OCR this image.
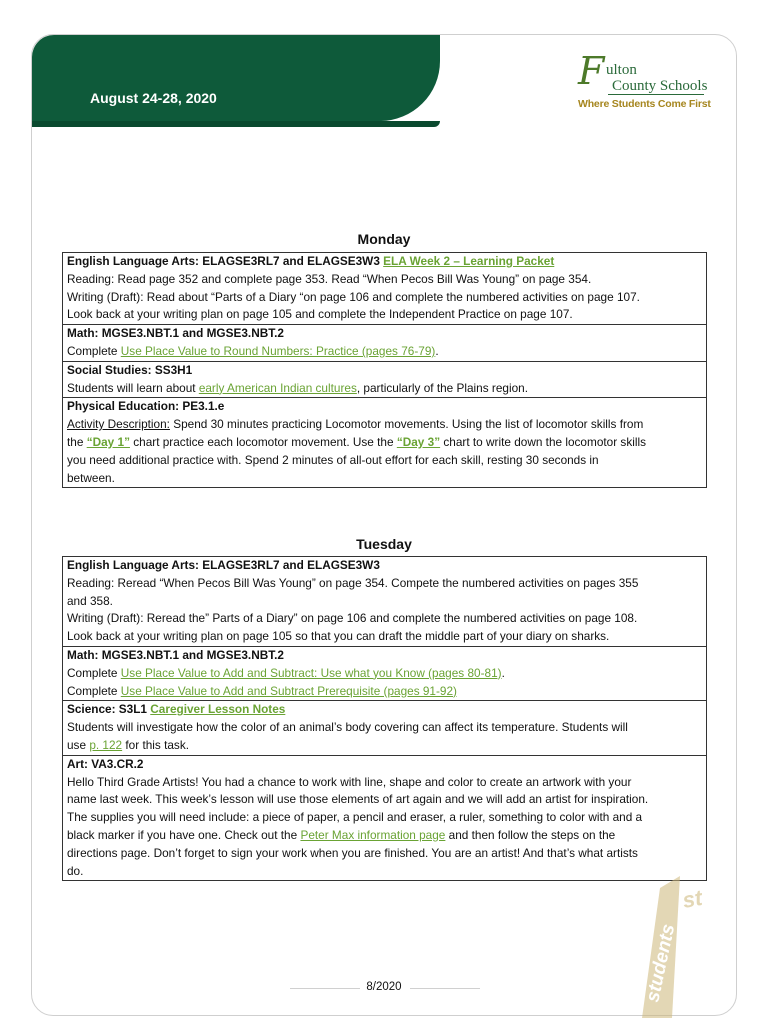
August 24-28, 2020
F ulton
County Schools
Where Students Come First
Monday
English Language Arts: ELAGSE3RL7 and ELAGSE3W3 ELA Week 2 – Learning Packet
Reading: Read page 352 and complete page 353. Read “When Pecos Bill Was Young” on page 354.
Writing (Draft): Read about “Parts of a Diary “on page 106 and complete the numbered activities on page 107.
Look back at your writing plan on page 105 and complete the Independent Practice on page 107.

Math: MGSE3.NBT.1 and MGSE3.NBT.2
Complete Use Place Value to Round Numbers: Practice (pages 76-79).

Social Studies: SS3H1
Students will learn about early American Indian cultures, particularly of the Plains region.

Physical Education: PE3.1.e
Activity Description: Spend 30 minutes practicing Locomotor movements. Using the list of locomotor skills from
the “Day 1” chart practice each locomotor movement. Use the “Day 3” chart to write down the locomotor skills
you need additional practice with. Spend 2 minutes of all-out effort for each skill, resting 30 seconds in
between.
Tuesday
English Language Arts: ELAGSE3RL7 and ELAGSE3W3
Reading: Reread “When Pecos Bill Was Young” on page 354. Compete the numbered activities on pages 355
and 358.
Writing (Draft): Reread the” Parts of a Diary” on page 106 and complete the numbered activities on page 108.
Look back at your writing plan on page 105 so that you can draft the middle part of your diary on sharks.

Math: MGSE3.NBT.1 and MGSE3.NBT.2
Complete Use Place Value to Add and Subtract: Use what you Know (pages 80-81).
Complete Use Place Value to Add and Subtract Prerequisite (pages 91-92)

Science: S3L1 Caregiver Lesson Notes
Students will investigate how the color of an animal’s body covering can affect its temperature. Students will
use p. 122 for this task.

Art: VA3.CR.2
Hello Third Grade Artists! You had a chance to work with line, shape and color to create an artwork with your
name last week. This week’s lesson will use those elements of art again and we will add an artist for inspiration.
The supplies you will need include: a piece of paper, a pencil and eraser, a ruler, something to color with and a
black marker if you have one. Check out the Peter Max information page and then follow the steps on the
directions page. Don’t forget to sign your work when you are finished. You are an artist! And that’s what artists
do.
students
st
8/2020
